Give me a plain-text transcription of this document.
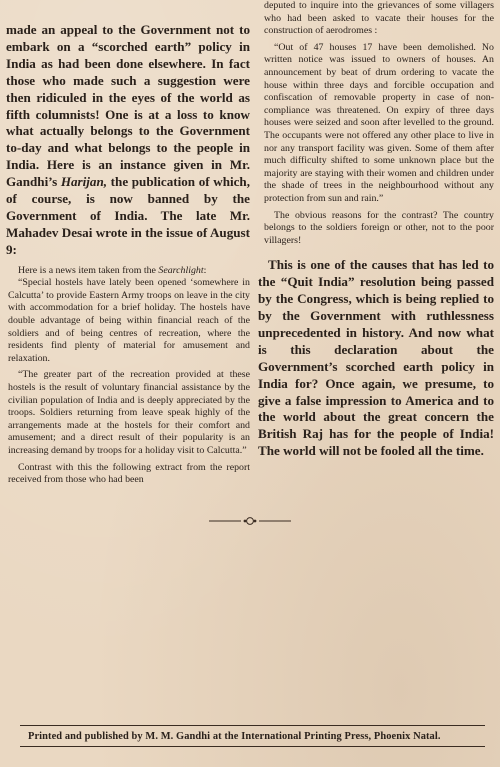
made an appeal to the Government not to embark on a “scorched earth” policy in India as had been done elsewhere. In fact those who made such a suggestion were then ridiculed in the eyes of the world as fifth columnists! One is at a loss to know what actually belongs to the Government to-day and what belongs to the people in India. Here is an instance given in Mr. Gandhi’s Harijan, the publication of which, of course, is now banned by the Government of India. The late Mr. Mahadev Desai wrote in the issue of August 9:

Here is a news item taken from the Searchlight:

“Special hostels have lately been opened ‘somewhere in Calcutta’ to provide Eastern Army troops on leave in the city with accommodation for a brief holiday. The hostels have double advantage of being within financial reach of the soldiers and of being centres of recreation, where the residents find plenty of material for amusement and relaxation.

“The greater part of the recreation provided at these hostels is the result of voluntary financial assistance by the civilian population of India and is deeply appreciated by the troops. Soldiers returning from leave speak highly of the arrangements made at the hostels for their comfort and amusement; and a direct result of their popularity is an increasing demand by troops for a holiday visit to Calcutta.”

Contrast with this the following extract from the report received from those who had been

deputed to inquire into the grievances of some villagers who had been asked to vacate their houses for the construction of aerodromes :

“Out of 47 houses 17 have been demolished. No written notice was issued to owners of houses. An announcement by beat of drum ordering to vacate the house within three days and forcible occupation and confiscation of removable property in case of non-compliance was threatened. On expiry of three days houses were seized and soon after levelled to the ground. The occupants were not offered any other place to live in nor any transport facility was given. Some of them after much difficulty shifted to some unknown place but the majority are staying with their women and children under the shade of trees in the neighbourhood without any protection from sun and rain.”

The obvious reasons for the contrast? The country belongs to the soldiers foreign or other, not to the poor villagers!

This is one of the causes that has led to the “Quit India” resolution being passed by the Congress, which is being replied to by the Government with ruthlessness unprecedented in history. And now what is this declaration about the Government’s scorched earth policy in India for? Once again, we presume, to give a false impression to America and to the world about the great concern the British Raj has for the people of India! The world will not be fooled all the time.

Printed and published by M. M. Gandhi at the International Printing Press, Phoenix Natal.
